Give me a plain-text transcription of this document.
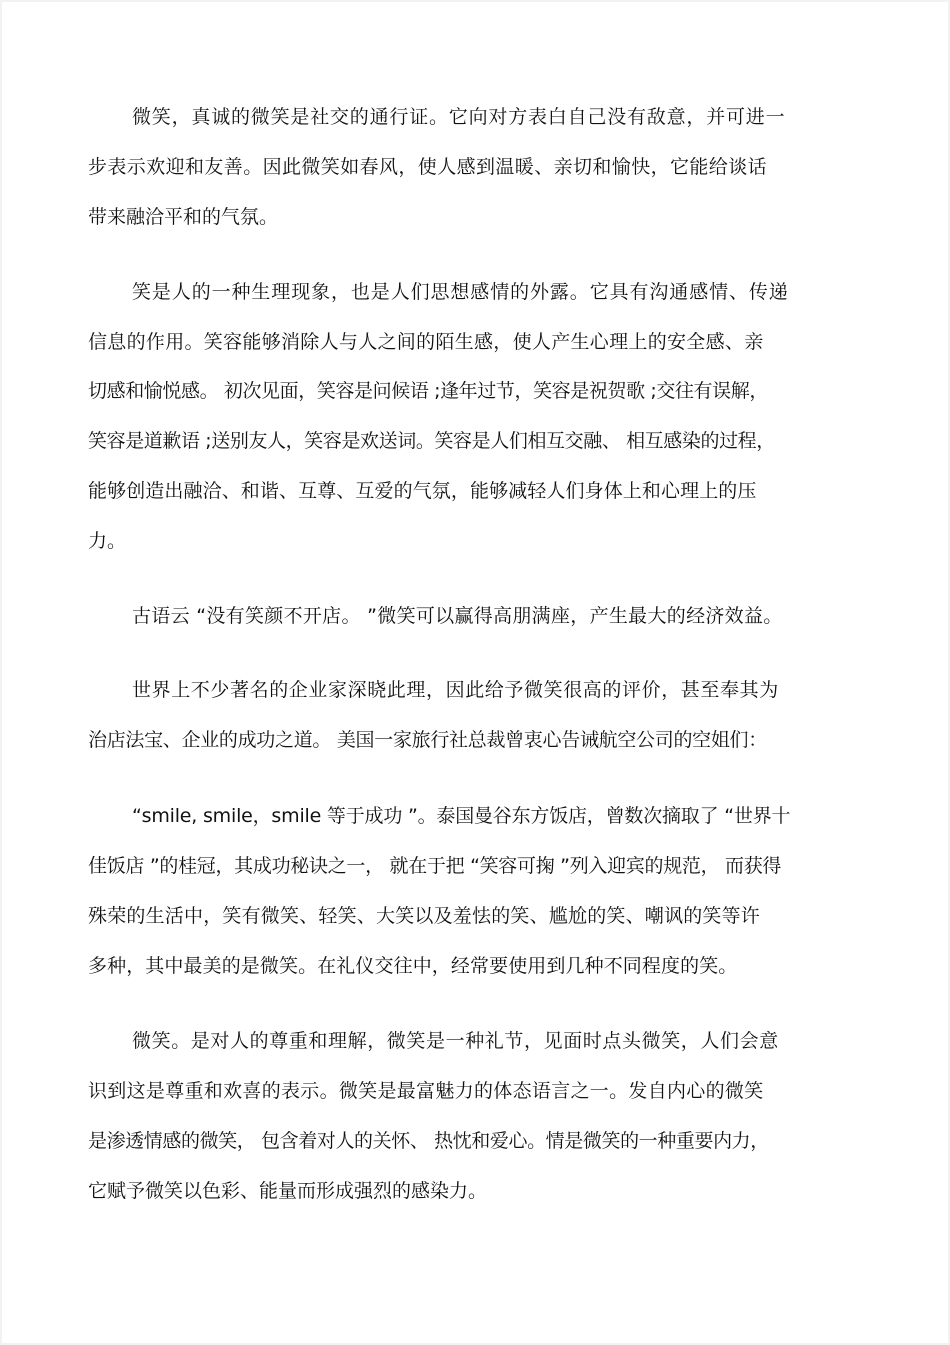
微笑，真诚的微笑是社交的通行证。它向对方表白自己没有敌意，并可进一
步表示欢迎和友善。因此微笑如春风，使人感到温暖、亲切和愉快，它能给谈话
带来融洽平和的气氛。
笑是人的一种生理现象，也是人们思想感情的外露。它具有沟通感情、传递
信息的作用。笑容能够消除人与人之间的陌生感，使人产生心理上的安全感、亲
切感和愉悦感。 初次见面，笑容是问候语 ;逢年过节，笑容是祝贺歌 ;交往有误解，
笑容是道歉语 ;送别友人，笑容是欢送词。笑容是人们相互交融、 相互感染的过程，
能够创造出融洽、和谐、互尊、互爱的气氛，能够减轻人们身体上和心理上的压
力。
古语云 “没有笑颜不开店。 ”微笑可以赢得高朋满座，产生最大的经济效益。
世界上不少著名的企业家深晓此理，因此给予微笑很高的评价，甚至奉其为
治店法宝、企业的成功之道。 美国一家旅行社总裁曾衷心告诫航空公司的空姐们：
“smile, smile，smile 等于成功 ”。泰国曼谷东方饭店，曾数次摘取了 “世界十
佳饭店 ”的桂冠，其成功秘诀之一， 就在于把 “笑容可掬 ”列入迎宾的规范， 而获得
殊荣的生活中，笑有微笑、轻笑、大笑以及羞怯的笑、尴尬的笑、嘲讽的笑等许
多种，其中最美的是微笑。在礼仪交往中，经常要使用到几种不同程度的笑。
微笑。是对人的尊重和理解，微笑是一种礼节，见面时点头微笑，人们会意
识到这是尊重和欢喜的表示。微笑是最富魅力的体态语言之一。发自内心的微笑
是渗透情感的微笑， 包含着对人的关怀、 热忱和爱心。情是微笑的一种重要内力，
它赋予微笑以色彩、能量而形成强烈的感染力。
